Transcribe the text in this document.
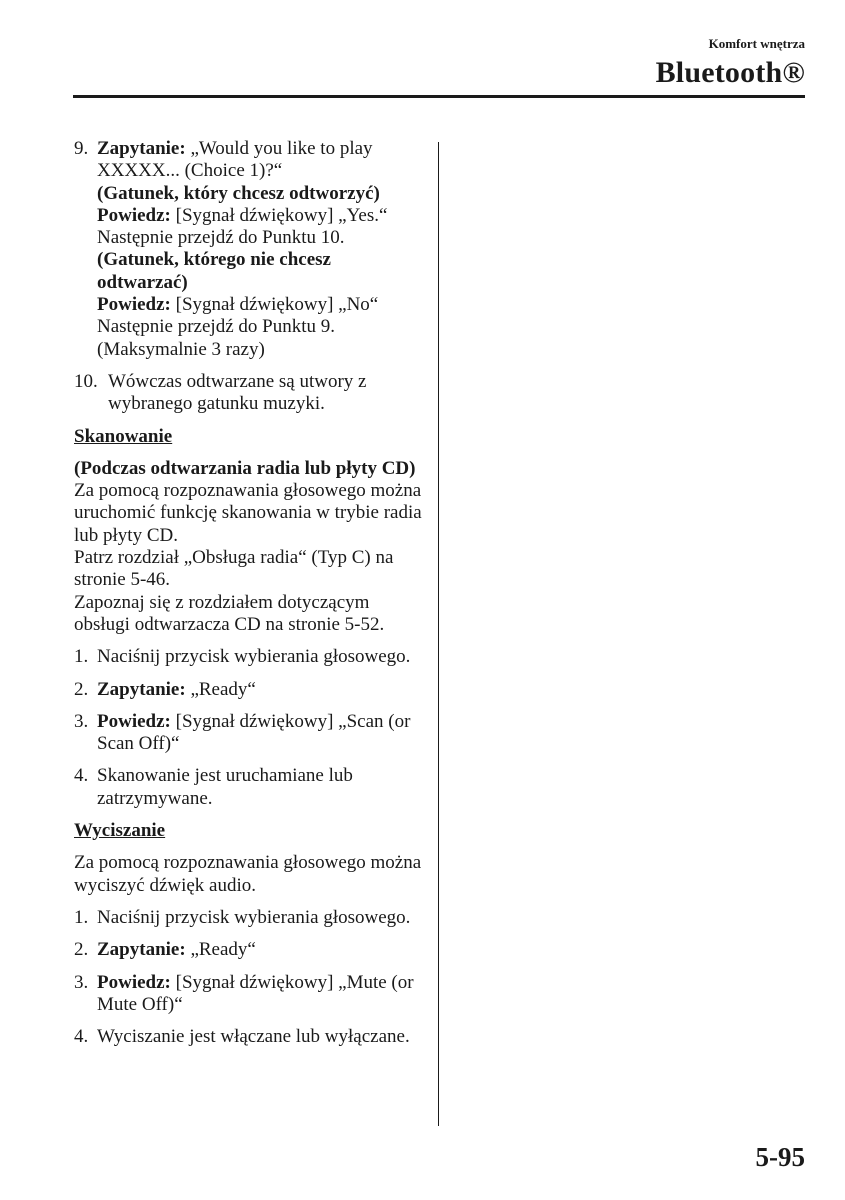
Komfort wnętrza
Bluetooth®
9. Zapytanie: „Would you like to play XXXXX... (Choice 1)?“
(Gatunek, który chcesz odtworzyć)
Powiedz: [Sygnał dźwiękowy] „Yes.“
Następnie przejdź do Punktu 10.
(Gatunek, którego nie chcesz odtwarzać)
Powiedz: [Sygnał dźwiękowy] „No“
Następnie przejdź do Punktu 9.
(Maksymalnie 3 razy)
10. Wówczas odtwarzane są utwory z wybranego gatunku muzyki.
Skanowanie
(Podczas odtwarzania radia lub płyty CD)
Za pomocą rozpoznawania głosowego można uruchomić funkcję skanowania w trybie radia lub płyty CD.
Patrz rozdział „Obsługa radia“ (Typ C) na stronie 5-46.
Zapoznaj się z rozdziałem dotyczącym obsługi odtwarzacza CD na stronie 5-52.
1. Naciśnij przycisk wybierania głosowego.
2. Zapytanie: „Ready“
3. Powiedz: [Sygnał dźwiękowy] „Scan (or Scan Off)“
4. Skanowanie jest uruchamiane lub zatrzymywane.
Wyciszanie
Za pomocą rozpoznawania głosowego można wyciszyć dźwięk audio.
1. Naciśnij przycisk wybierania głosowego.
2. Zapytanie: „Ready“
3. Powiedz: [Sygnał dźwiękowy] „Mute (or Mute Off)“
4. Wyciszanie jest włączane lub wyłączane.
5-95
